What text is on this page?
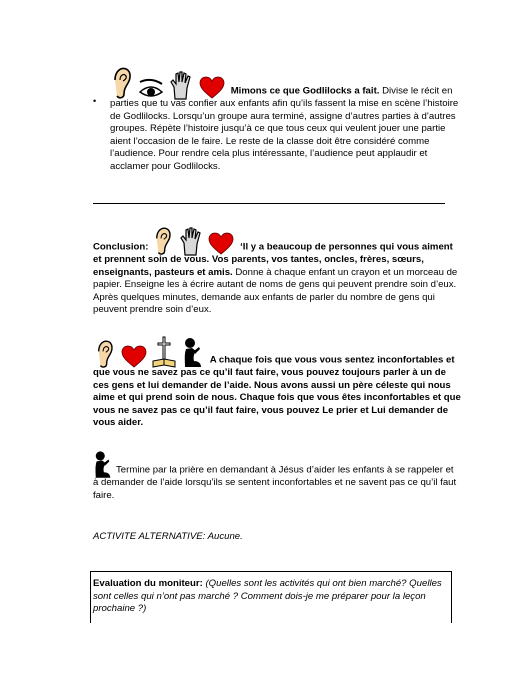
•
Mimons ce que Godlilocks a fait. Divise le récit en parties que tu vas confier aux enfants afin qu’ils fassent la mise en scène l’histoire de Godlilocks. Lorsqu’un groupe aura terminé, assigne d’autres parties à d’autres groupes. Répète l’histoire jusqu’à ce que tous ceux qui veulent jouer une partie aient l’occasion de le faire. Le reste de la classe doit être considéré comme l’audience. Pour rendre cela plus intéressante, l’audience peut applaudir et acclamer pour Godlilocks.
Conclusion:	‘Il y a beaucoup de personnes qui vous aiment et prennent soin de vous. Vos parents, vos tantes, oncles, frères, sœurs, enseignants, pasteurs et amis. Donne à chaque enfant un crayon et un morceau de papier. Enseigne les à écrire autant de noms de gens qui peuvent prendre soin d’eux. Après quelques minutes, demande aux enfants de parler du nombre de gens qui peuvent prendre soin d’eux.
A chaque fois que vous vous sentez inconfortables et que vous ne savez pas ce qu’il faut faire, vous pouvez toujours parler à un de ces gens et lui demander de l’aide. Nous avons aussi un père céleste qui nous aime et qui prend soin de nous. Chaque fois que vous êtes inconfortables et que vous ne savez pas ce qu’il faut faire, vous pouvez Le prier et Lui demander de vous aider.
Termine par la prière en demandant à Jésus d’aider les enfants à se rappeler et à demander de l’aide lorsqu’ils se sentent inconfortables et ne savent pas ce qu’il faut faire.
ACTIVITE ALTERNATIVE: Aucune.
Evaluation du moniteur: (Quelles sont les activités qui ont bien marché? Quelles sont celles qui n’ont pas marché ? Comment dois-je me préparer pour la leçon prochaine ?)
